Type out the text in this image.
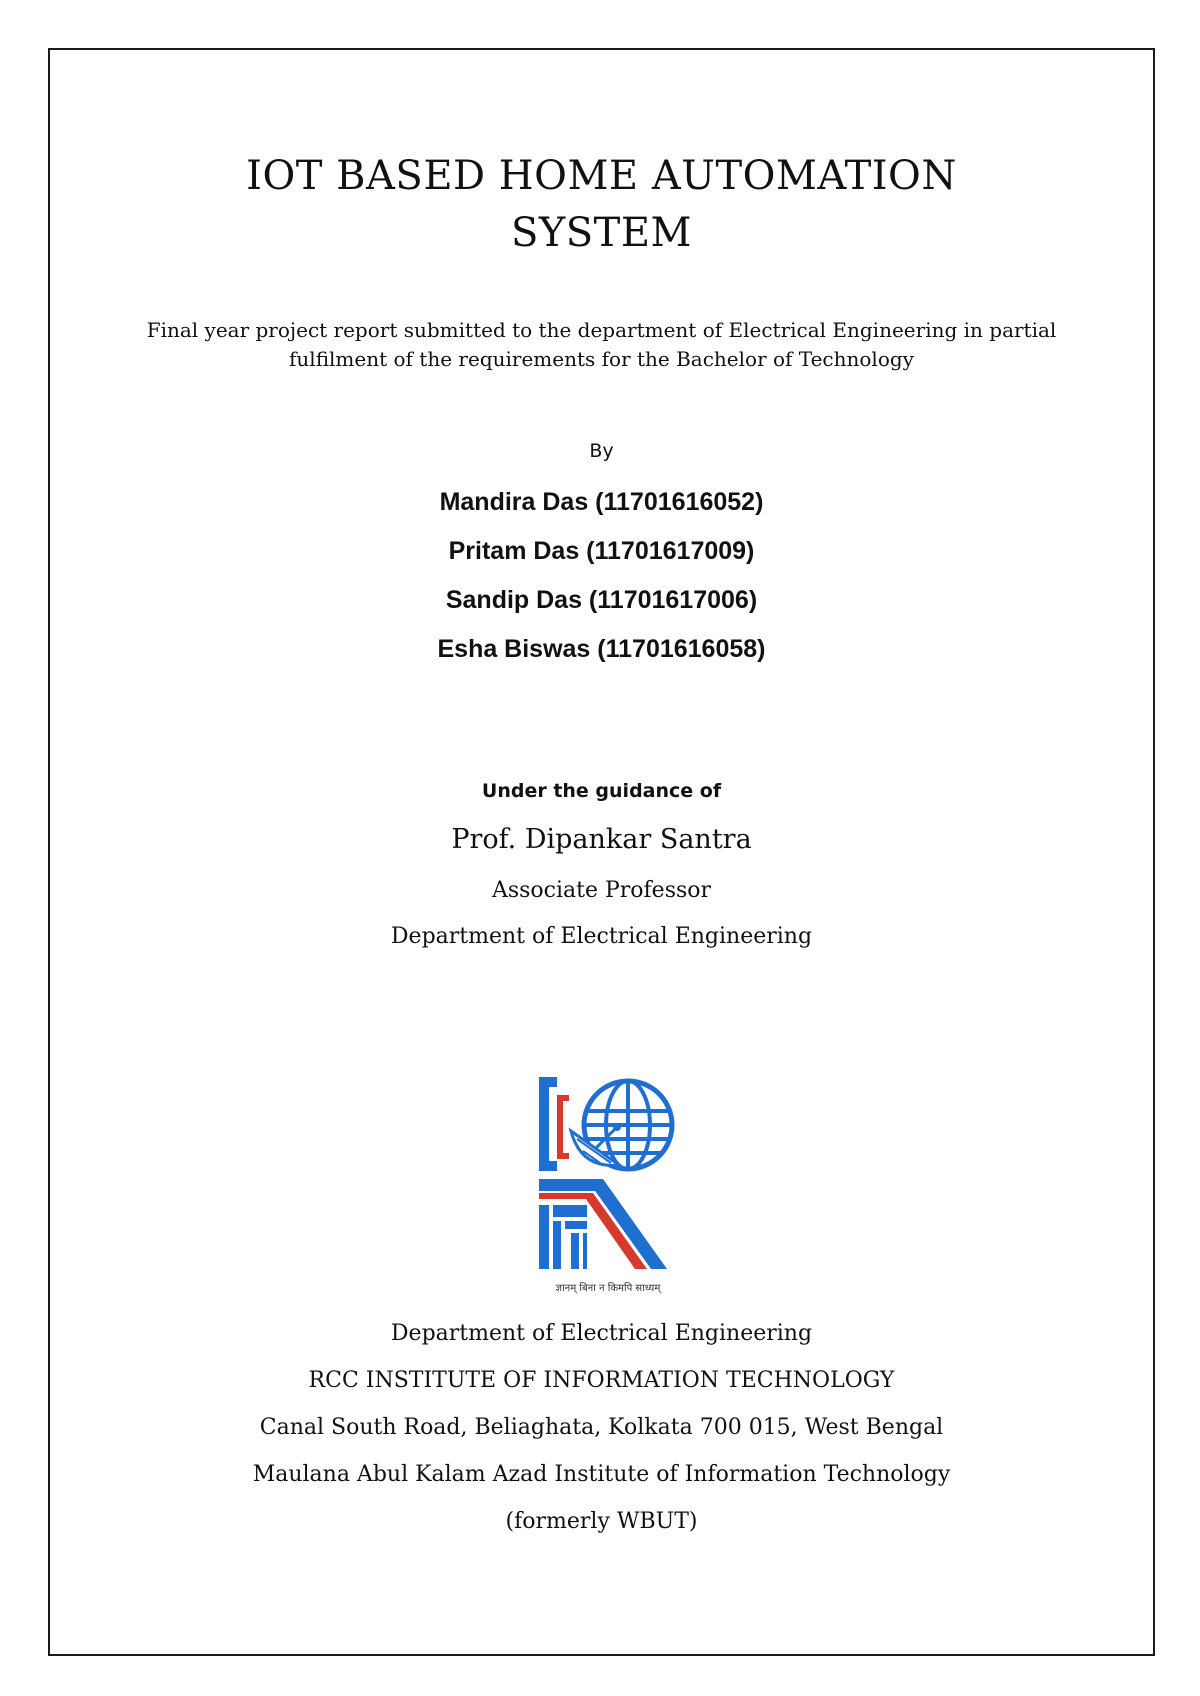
IOT BASED HOME AUTOMATION
SYSTEM

Final year project report submitted to the department of Electrical Engineering in partial
fulfilment of the requirements for the Bachelor of Technology

By

Mandira Das (11701616052)
Pritam Das (11701617009)
Sandip Das (11701617006)
Esha Biswas (11701616058)

Under the guidance of

Prof. Dipankar Santra

Associate Professor

Department of Electrical Engineering

ज्ञानम् बिना न किमपि साध्यम्
Department of Electrical Engineering
RCC INSTITUTE OF INFORMATION TECHNOLOGY
Canal South Road, Beliaghata, Kolkata 700 015, West Bengal
Maulana Abul Kalam Azad Institute of Information Technology
(formerly WBUT)
